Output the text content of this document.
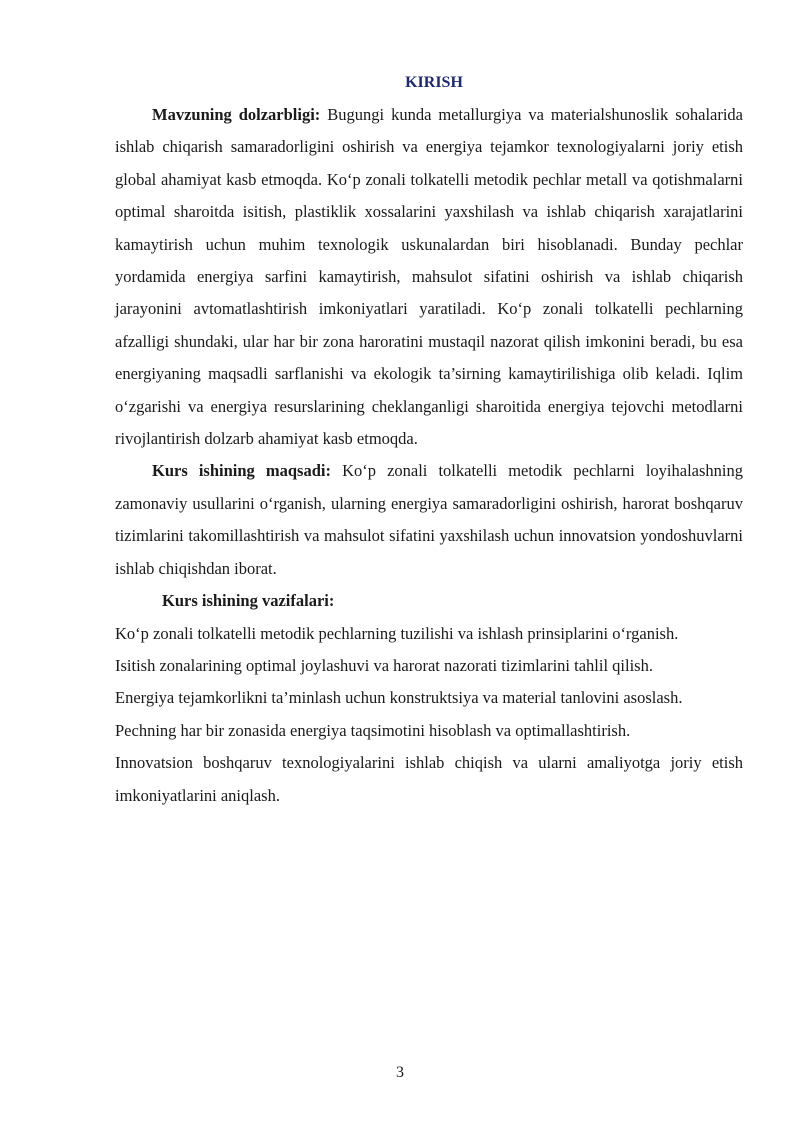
KIRISH

Mavzuning dolzarbligi: Bugungi kunda metallurgiya va materialshunoslik sohalarida ishlab chiqarish samaradorligini oshirish va energiya tejamkor texnologiyalarni joriy etish global ahamiyat kasb etmoqda. Ko‘p zonali tolkatelli metodik pechlar metall va qotishmalarni optimal sharoitda isitish, plastiklik xossalarini yaxshilash va ishlab chiqarish xarajatlarini kamaytirish uchun muhim texnologik uskunalardan biri hisoblanadi. Bunday pechlar yordamida energiya sarfini kamaytirish, mahsulot sifatini oshirish va ishlab chiqarish jarayonini avtomatlashtirish imkoniyatlari yaratiladi. Ko‘p zonali tolkatelli pechlarning afzalligi shundaki, ular har bir zona haroratini mustaqil nazorat qilish imkonini beradi, bu esa energiyaning maqsadli sarflanishi va ekologik ta’sirning kamaytirilishiga olib keladi. Iqlim o‘zgarishi va energiya resurslarining cheklanganligi sharoitida energiya tejovchi metodlarni rivojlantirish dolzarb ahamiyat kasb etmoqda.

Kurs ishining maqsadi: Ko‘p zonali tolkatelli metodik pechlarni loyihalashning zamonaviy usullarini o‘rganish, ularning energiya samaradorligini oshirish, harorat boshqaruv tizimlarini takomillashtirish va mahsulot sifatini yaxshilash uchun innovatsion yondoshuvlarni ishlab chiqishdan iborat.

Kurs ishining vazifalari:

Ko‘p zonali tolkatelli metodik pechlarning tuzilishi va ishlash prinsiplarini o‘rganish.

Isitish zonalarining optimal joylashuvi va harorat nazorati tizimlarini tahlil qilish.

Energiya tejamkorlikni ta’minlash uchun konstruktsiya va material tanlovini asoslash.

Pechning har bir zonasida energiya taqsimotini hisoblash va optimallashtirish.

Innovatsion boshqaruv texnologiyalarini ishlab chiqish va ularni amaliyotga joriy etish imkoniyatlarini aniqlash.

3
